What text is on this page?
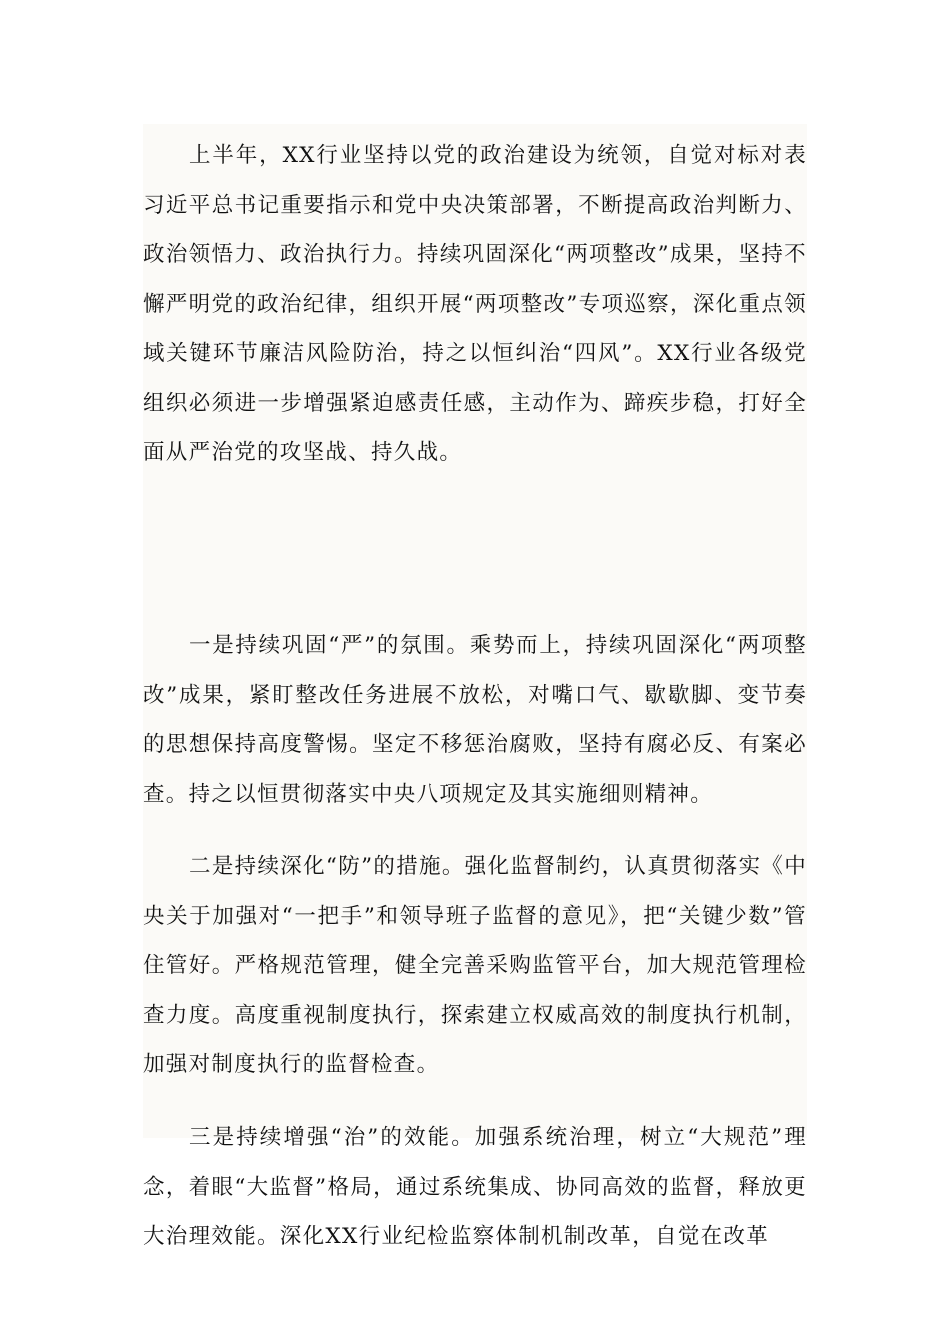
上半年，XX行业坚持以党的政治建设为统领，自觉对标对表习近平总书记重要指示和党中央决策部署，不断提高政治判断力、政治领悟力、政治执行力。持续巩固深化“两项整改”成果，坚持不懈严明党的政治纪律，组织开展“两项整改”专项巡察，深化重点领域关键环节廉洁风险防治，持之以恒纠治“四风”。XX行业各级党组织必须进一步增强紧迫感责任感，主动作为、蹄疾步稳，打好全面从严治党的攻坚战、持久战。

一是持续巩固“严”的氛围。乘势而上，持续巩固深化“两项整改”成果，紧盯整改任务进展不放松，对嘴口气、歇歇脚、变节奏的思想保持高度警惕。坚定不移惩治腐败，坚持有腐必反、有案必查。持之以恒贯彻落实中央八项规定及其实施细则精神。

二是持续深化“防”的措施。强化监督制约，认真贯彻落实《中央关于加强对“一把手”和领导班子监督的意见》，把“关键少数”管住管好。严格规范管理，健全完善采购监管平台，加大规范管理检查力度。高度重视制度执行，探索建立权威高效的制度执行机制，加强对制度执行的监督检查。

三是持续增强“治”的效能。加强系统治理，树立“大规范”理念，着眼“大监督”格局，通过系统集成、协同高效的监督，释放更大治理效能。深化XX行业纪检监察体制机制改革，自觉在改革
